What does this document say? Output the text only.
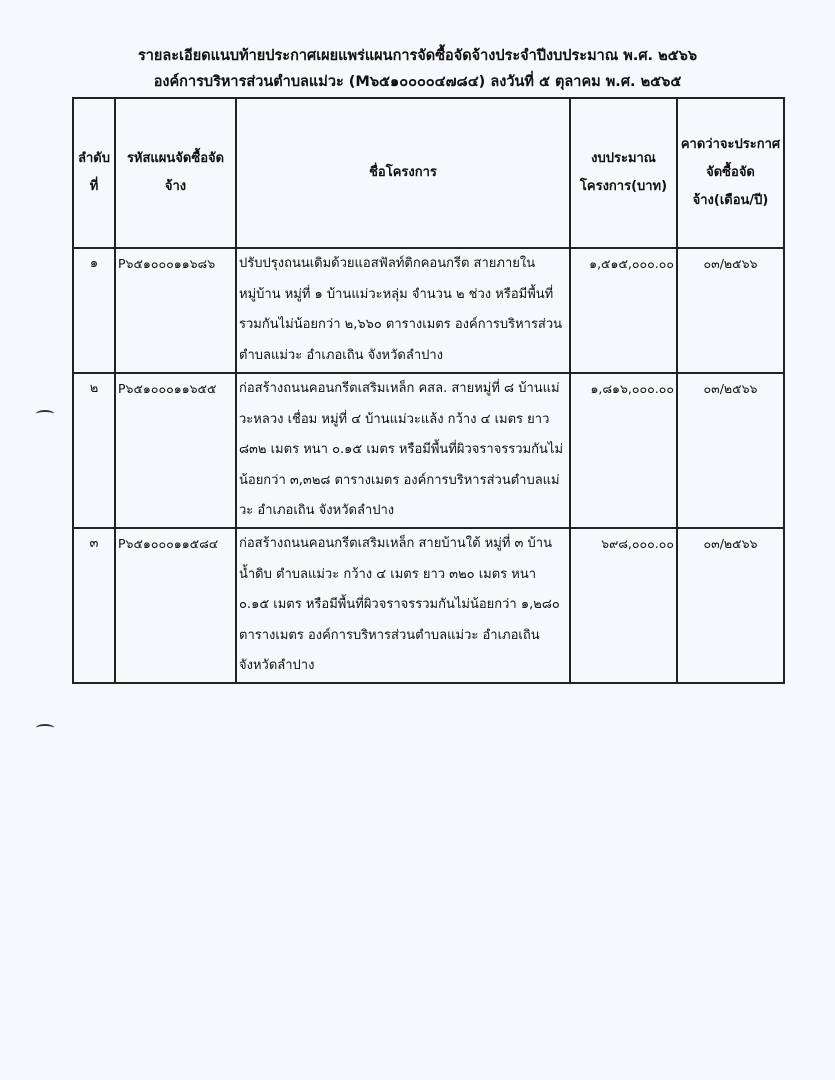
รายละเอียดแนบท้ายประกาศเผยแพร่แผนการจัดซื้อจัดจ้างประจำปีงบประมาณ พ.ศ. ๒๕๖๖
องค์การบริหารส่วนตำบลแม่วะ (M๖๕๑๐๐๐๐๔๗๘๔) ลงวันที่ ๕ ตุลาคม พ.ศ. ๒๕๖๕
ลำดับที่	รหัสแผนจัดซื้อจัดจ้าง	ชื่อโครงการ	งบประมาณโครงการ(บาท)	คาดว่าจะประกาศจัดซื้อจัดจ้าง(เดือน/ปี)
๑	P๖๕๑๐๐๐๑๑๖๘๖	ปรับปรุงถนนเดิมด้วยแอสฟัลท์ติกคอนกรีต สายภายในหมู่บ้าน หมู่ที่ ๑ บ้านแม่วะหลุ่ม จำนวน ๒ ช่วง หรือมีพื้นที่รวมกันไม่น้อยกว่า ๒,๖๖๐ ตารางเมตร องค์การบริหารส่วนตำบลแม่วะ อำเภอเถิน จังหวัดลำปาง	๑,๕๑๕,๐๐๐.๐๐	๐๓/๒๕๖๖
๒	P๖๕๑๐๐๐๑๑๖๕๕	ก่อสร้างถนนคอนกรีตเสริมเหล็ก คสล. สายหมู่ที่ ๘ บ้านแม่วะหลวง เชื่อม หมู่ที่ ๔ บ้านแม่วะแล้ง กว้าง ๔ เมตร ยาว ๘๓๒ เมตร หนา ๐.๑๕ เมตร หรือมีพื้นที่ผิวจราจรรวมกันไม่น้อยกว่า ๓,๓๒๘ ตารางเมตร องค์การบริหารส่วนตำบลแม่วะ อำเภอเถิน จังหวัดลำปาง	๑,๘๑๖,๐๐๐.๐๐	๐๓/๒๕๖๖
๓	P๖๕๑๐๐๐๑๑๕๘๔	ก่อสร้างถนนคอนกรีตเสริมเหล็ก สายบ้านใต้ หมู่ที่ ๓ บ้านน้ำดิบ ตำบลแม่วะ กว้าง ๔ เมตร ยาว ๓๒๐ เมตร หนา ๐.๑๕ เมตร หรือมีพื้นที่ผิวจราจรรวมกันไม่น้อยกว่า ๑,๒๘๐ ตารางเมตร องค์การบริหารส่วนตำบลแม่วะ อำเภอเถิน จังหวัดลำปาง	๖๙๘,๐๐๐.๐๐	๐๓/๒๕๖๖
